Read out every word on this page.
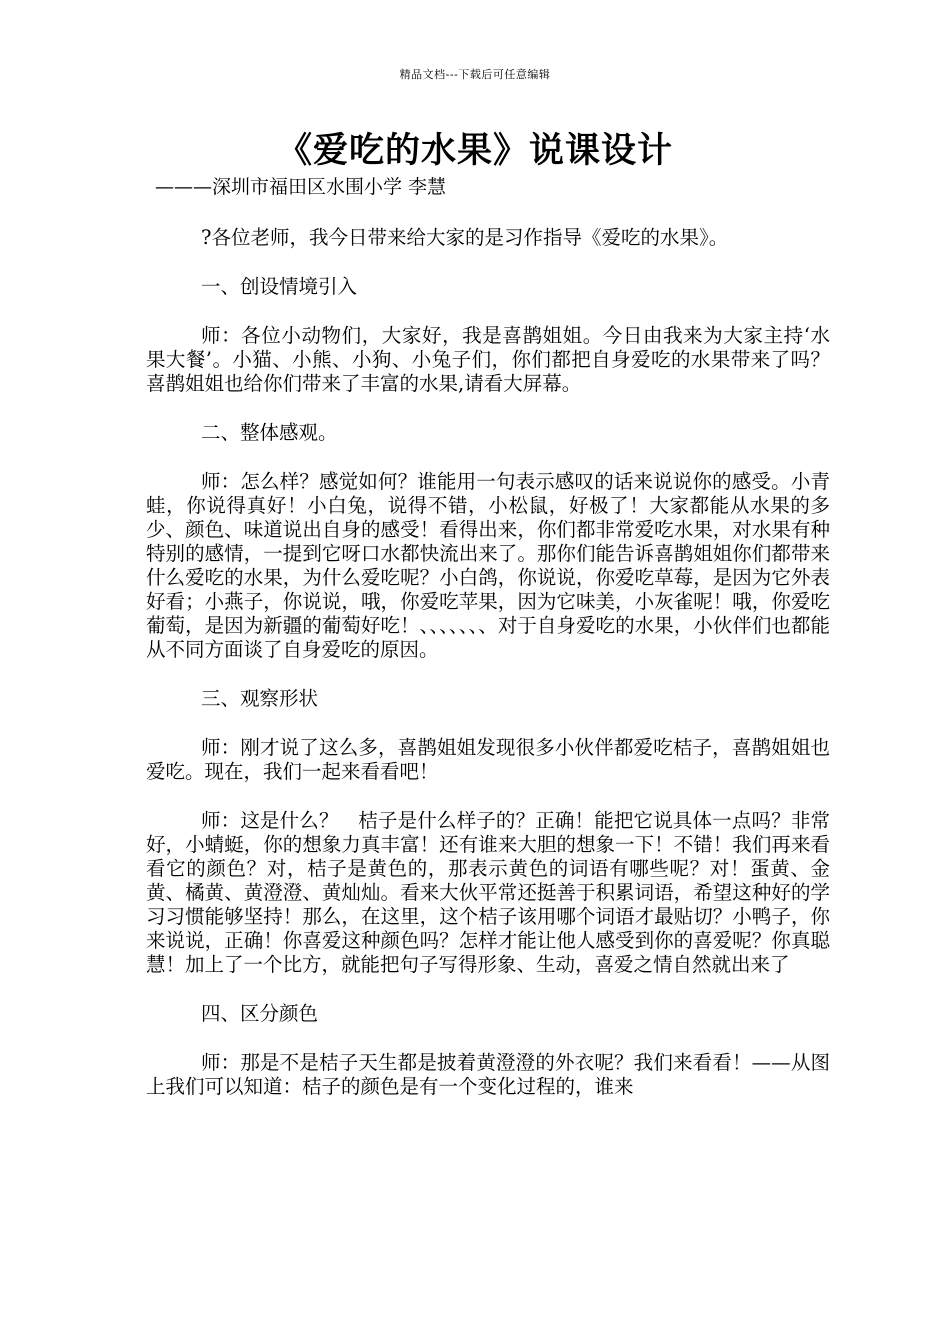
精品文档---下载后可任意编辑
《爱吃的水果》说课设计
———深圳市福田区水围小学 李慧

?各位老师，我今日带来给大家的是习作指导《爱吃的水果》。

一、创设情境引入

师：各位小动物们，大家好，我是喜鹊姐姐。今日由我来为大家主持‘水果大餐’。小猫、小熊、小狗、小兔子们，你们都把自身爱吃的水果带来了吗？喜鹊姐姐也给你们带来了丰富的水果,请看大屏幕。

二、整体感观。

师：怎么样？感觉如何？谁能用一句表示感叹的话来说说你的感受。小青蛙，你说得真好！小白兔，说得不错，小松鼠，好极了！大家都能从水果的多少、颜色、味道说出自身的感受！看得出来，你们都非常爱吃水果，对水果有种特别的感情，一提到它呀口水都快流出来了。那你们能告诉喜鹊姐姐你们都带来什么爱吃的水果，为什么爱吃呢？小白鸽，你说说，你爱吃草莓，是因为它外表好看；小燕子，你说说，哦，你爱吃苹果，因为它味美，小灰雀呢！哦，你爱吃葡萄，是因为新疆的葡萄好吃！、、、、、、、对于自身爱吃的水果，小伙伴们也都能从不同方面谈了自身爱吃的原因。

三、观察形状

师：刚才说了这么多，喜鹊姐姐发现很多小伙伴都爱吃桔子，喜鹊姐姐也爱吃。现在，我们一起来看看吧！

师：这是什么？　桔子是什么样子的？正确！能把它说具体一点吗？非常好，小蜻蜓，你的想象力真丰富！还有谁来大胆的想象一下！不错！我们再来看看它的颜色？对，桔子是黄色的，那表示黄色的词语有哪些呢？对！蛋黄、金黄、橘黄、黄澄澄、黄灿灿。看来大伙平常还挺善于积累词语，希望这种好的学习习惯能够坚持！那么，在这里，这个桔子该用哪个词语才最贴切？小鸭子，你来说说，正确！你喜爱这种颜色吗？怎样才能让他人感受到你的喜爱呢？你真聪慧！加上了一个比方，就能把句子写得形象、生动，喜爱之情自然就出来了

四、区分颜色

师：那是不是桔子天生都是披着黄澄澄的外衣呢？我们来看看！——从图上我们可以知道：桔子的颜色是有一个变化过程的，谁来
